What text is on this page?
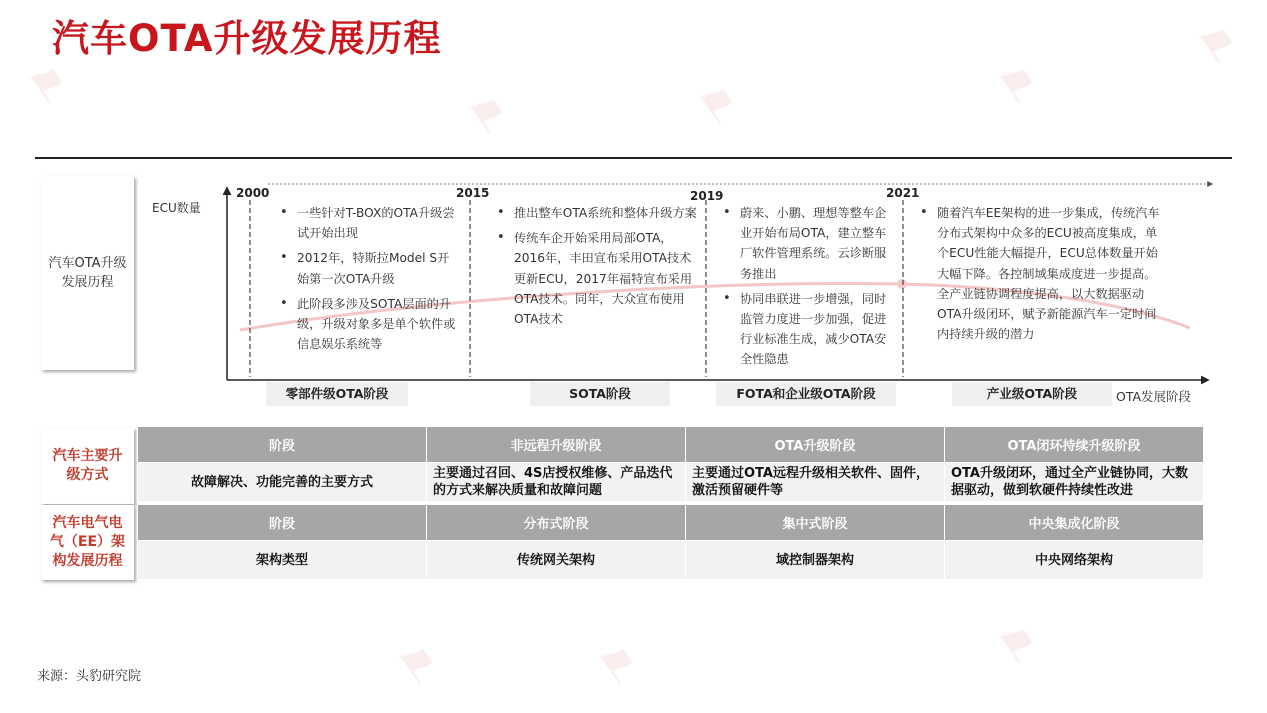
⚑	⚑	⚑	⚑
⚑
⚑	⚑	⚑
汽车OTA升级发展历程
汽车OTA升级发展历程
ECU数量
2000	2015	2019	2021
• 一些针对T-BOX的OTA升级尝试开始出现
• 2012年，特斯拉Model S开始第一次OTA升级
• 此阶段多涉及SOTA层面的升级，升级对象多是单个软件或信息娱乐系统等
• 推出整车OTA系统和整体升级方案
• 传统车企开始采用局部OTA，2016年，丰田宣布采用OTA技术更新ECU，2017年福特宣布采用OTA技术。同年，大众宣布使用OTA技术
• 蔚来、小鹏、理想等整车企业开始布局OTA，建立整车厂软件管理系统。云诊断服务推出
• 协同串联进一步增强，同时监管力度进一步加强，促进行业标准生成，减少OTA安全性隐患
• 随着汽车EE架构的进一步集成，传统汽车分布式架构中众多的ECU被高度集成，单个ECU性能大幅提升，ECU总体数量开始大幅下降。各控制域集成度进一步提高。全产业链协调程度提高，以大数据驱动OTA升级闭环，赋予新能源汽车一定时间内持续升级的潜力
零部件级OTA阶段	SOTA阶段	FOTA和企业级OTA阶段	产业级OTA阶段	OTA发展阶段
汽车主要升级方式
阶段	非远程升级阶段	OTA升级阶段	OTA闭环持续升级阶段
故障解决、功能完善的主要方式	主要通过召回、4S店授权维修、产品迭代的方式来解决质量和故障问题	主要通过OTA远程升级相关软件、固件，激活预留硬件等	OTA升级闭环，通过全产业链协同，大数据驱动，做到软硬件持续性改进
汽车电气电
气（EE）架
构发展历程
阶段	分布式阶段	集中式阶段	中央集成化阶段
架构类型	传统网关架构	域控制器架构	中央网络架构
来源：头豹研究院
